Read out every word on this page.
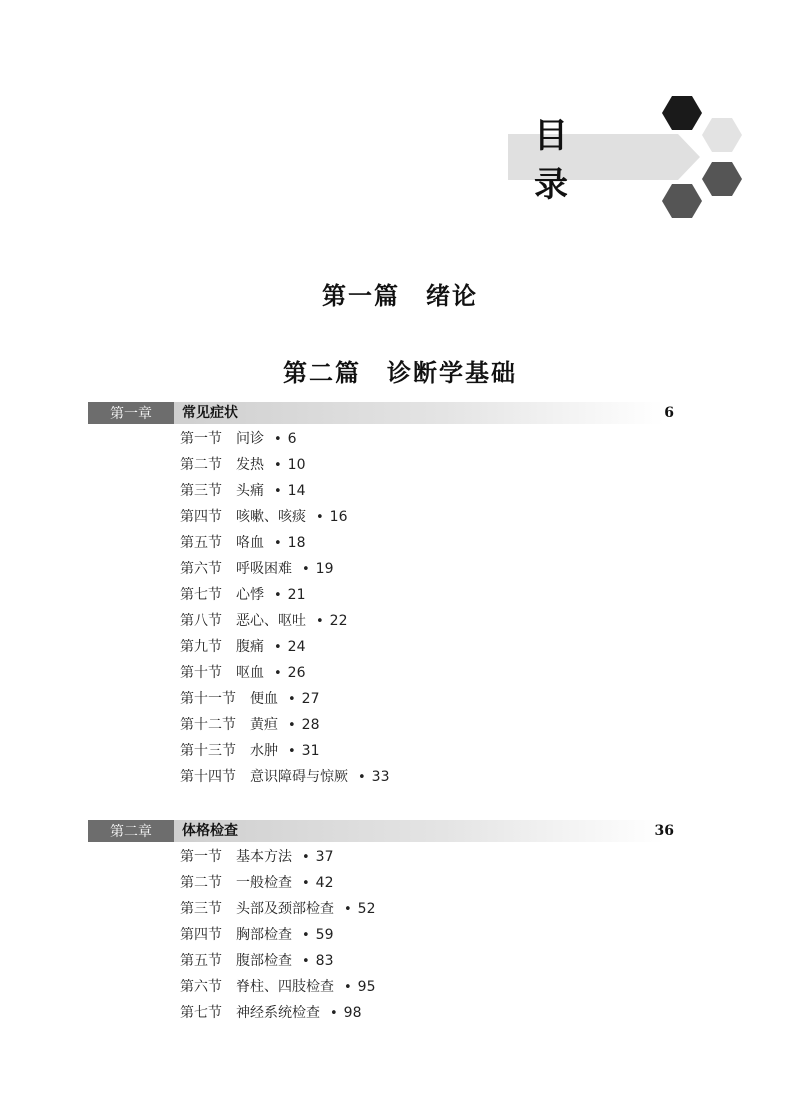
目 录
第一篇　绪论
第二篇　诊断学基础
第一章	常见症状	6
第一节 问诊 • 6
第二节 发热 • 10
第三节 头痛 • 14
第四节 咳嗽、咳痰 • 16
第五节 咯血 • 18
第六节 呼吸困难 • 19
第七节 心悸 • 21
第八节 恶心、呕吐 • 22
第九节 腹痛 • 24
第十节 呕血 • 26
第十一节 便血 • 27
第十二节 黄疸 • 28
第十三节 水肿 • 31
第十四节 意识障碍与惊厥 • 33
第二章	体格检查	36
第一节 基本方法 • 37
第二节 一般检查 • 42
第三节 头部及颈部检查 • 52
第四节 胸部检查 • 59
第五节 腹部检查 • 83
第六节 脊柱、四肢检查 • 95
第七节 神经系统检查 • 98
